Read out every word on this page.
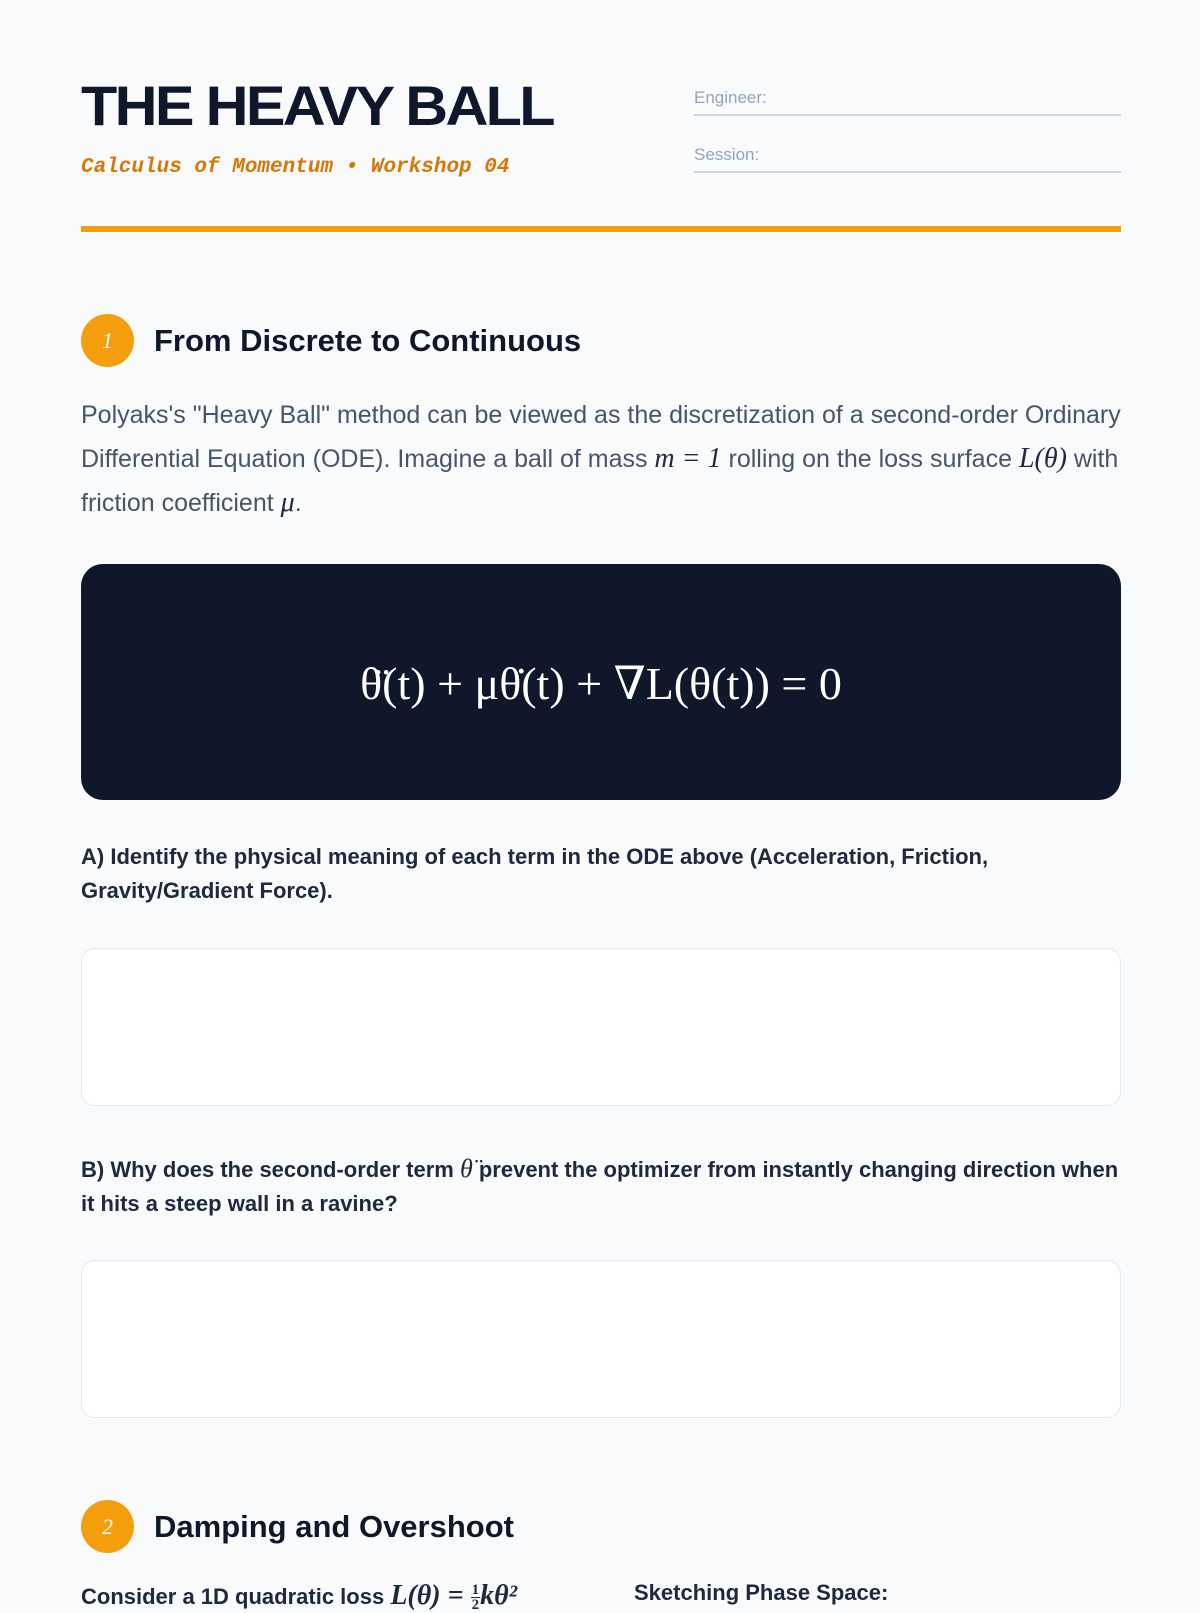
THE HEAVY BALL
Calculus of Momentum • Workshop 04
Engineer:
Session:
1	From Discrete to Continuous

Polyaks's "Heavy Ball" method can be viewed as the discretization of a second-order Ordinary Differential Equation (ODE). Imagine a ball of mass m = 1 rolling on the loss surface L(θ) with friction coefficient μ.

θ̈(t) + μθ̇(t) + ∇L(θ(t)) = 0

A) Identify the physical meaning of each term in the ODE above (Acceleration, Friction, Gravity/Gradient Force).

B) Why does the second-order term θ̈ prevent the optimizer from instantly changing direction when it hits a steep wall in a ravine?

2	Damping and Overshoot

Consider a 1D quadratic loss $L(\theta) = \frac{1}{2} k\theta^2$	Sketching Phase Space:
